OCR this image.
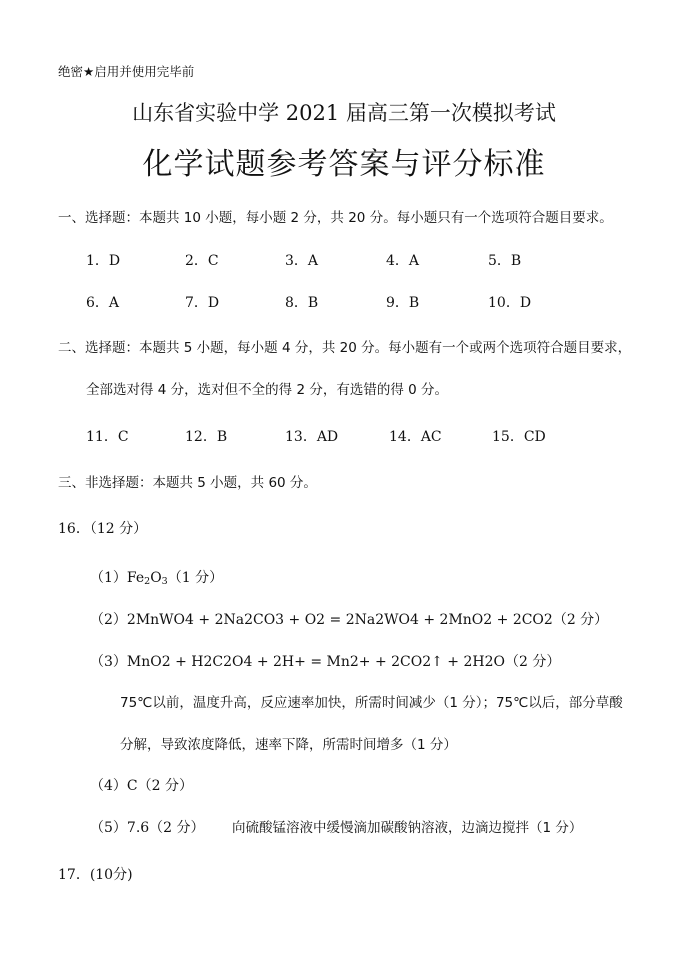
绝密★启用并使用完毕前
山东省实验中学 2021 届高三第一次模拟考试
化学试题参考答案与评分标准
一、选择题：本题共 10 小题，每小题 2 分，共 20 分。每小题只有一个选项符合题目要求。
1．D	2．C	3．A	4．A	5．B
6．A	7．D	8．B	9．B	10．D
二、选择题：本题共 5 小题，每小题 4 分，共 20 分。每小题有一个或两个选项符合题目要求，
全部选对得 4 分，选对但不全的得 2 分，有选错的得 0 分。
11．C	12．B	13．AD	14．AC	15．CD
三、非选择题：本题共 5 小题，共 60 分。
16．（12 分）
$(1)Fe_2O_3(1$ 分）
（2）2MnWO4 + 2Na2CO3 + O2 = 2Na2WO4 + 2MnO2 + 2CO2（2 分）
（3）MnO2 + H2C2O4 + 2H+ = Mn2+ + 2CO2↑ + 2H2O（2 分）
75℃以前，温度升高，反应速率加快，所需时间减少（1 分）；75℃以后，部分草酸
分解，导致浓度降低，速率下降，所需时间增多（1 分）
（4）C（2 分）
（5）7.6（2 分） 向硫酸锰溶液中缓慢滴加碳酸钠溶液，边滴边搅拌（1 分）
17．(10分)
